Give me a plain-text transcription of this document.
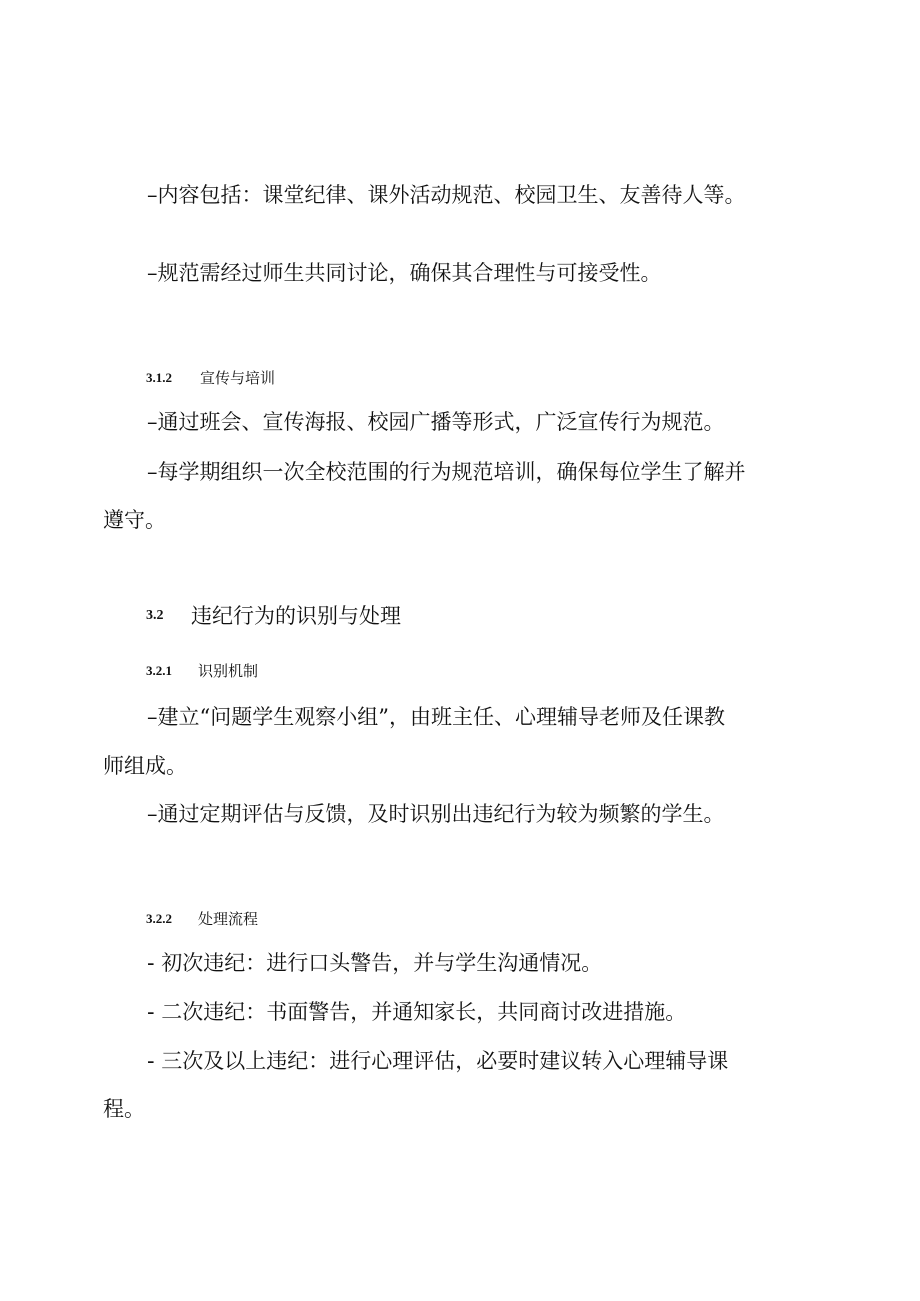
–内容包括：课堂纪律、课外活动规范、校园卫生、友善待人等。
–规范需经过师生共同讨论，确保其合理性与可接受性。
3.1.2 宣传与培训
–通过班会、宣传海报、校园广播等形式，广泛宣传行为规范。
–每学期组织一次全校范围的行为规范培训，确保每位学生了解并
遵守。
3.2 违纪行为的识别与处理
3.2.1 识别机制
–建立“问题学生观察小组”，由班主任、心理辅导老师及任课教
师组成。
–通过定期评估与反馈，及时识别出违纪行为较为频繁的学生。
3.2.2 处理流程
- 初次违纪：进行口头警告，并与学生沟通情况。
- 二次违纪：书面警告，并通知家长，共同商讨改进措施。
- 三次及以上违纪：进行心理评估，必要时建议转入心理辅导课
程。
